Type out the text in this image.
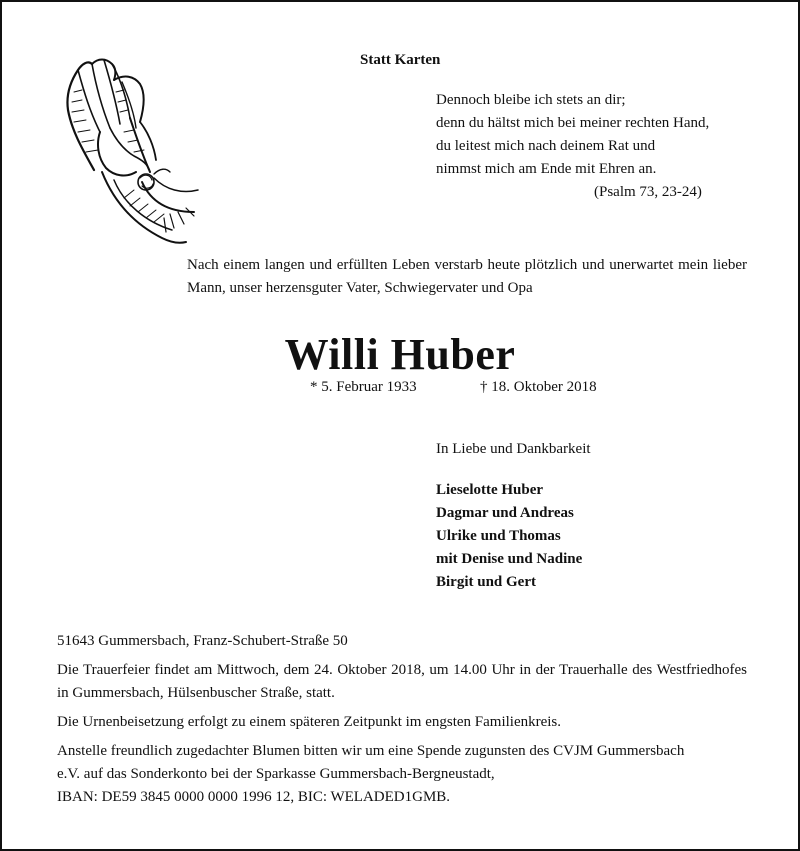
Statt Karten
Dennoch bleibe ich stets an dir;
denn du hältst mich bei meiner rechten Hand,
du leitest mich nach deinem Rat und
nimmst mich am Ende mit Ehren an.
(Psalm 73, 23-24)

Nach einem langen und erfüllten Leben verstarb heute plötzlich und unerwartet mein lieber Mann, unser herzensguter Vater, Schwiegervater und Opa

Willi Huber
* 5. Februar 1933	† 18. Oktober 2018
In Liebe und Dankbarkeit
Lieselotte Huber
Dagmar und Andreas
Ulrike und Thomas
mit Denise und Nadine
Birgit und Gert

51643 Gummersbach, Franz-Schubert-Straße 50

Die Trauerfeier findet am Mittwoch, dem 24. Oktober 2018, um 14.00 Uhr in der Trauerhalle des Westfriedhofes in Gummersbach, Hülsenbuscher Straße, statt.

Die Urnenbeisetzung erfolgt zu einem späteren Zeitpunkt im engsten Familienkreis.

Anstelle freundlich zugedachter Blumen bitten wir um eine Spende zugunsten des CVJM Gummersbach
e.V. auf das Sonderkonto bei der Sparkasse Gummersbach-Bergneustadt,
IBAN: DE59 3845 0000 0000 1996 12, BIC: WELADED1GMB.
